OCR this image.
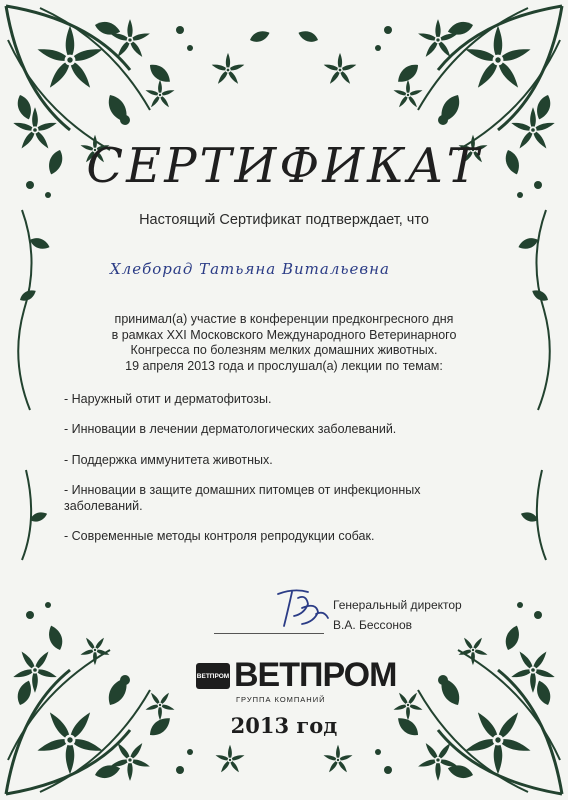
СЕРТИФИКАТ
Настоящий Сертификат подтверждает, что
Хлеборад Татьяна Витальевна
принимал(а) участие в конференции предконгресного дня
в рамках XXI Московского Международного Ветеринарного
Конгресса по болезням мелких домашних животных.
19 апреля 2013 года и прослушал(а) лекции по темам:
- Наружный отит и дерматофитозы.
- Инновации в лечении дерматологических заболеваний.
- Поддержка иммунитета животных.
- Инновации в защите домашних питомцев от инфекционных заболеваний.
- Современные методы контроля репродукции собак.
Генеральный директор
В.А. Бессонов
ВЕТПРОМ ВЕТПРОМ
ГРУППА КОМПАНИЙ
2013 год
